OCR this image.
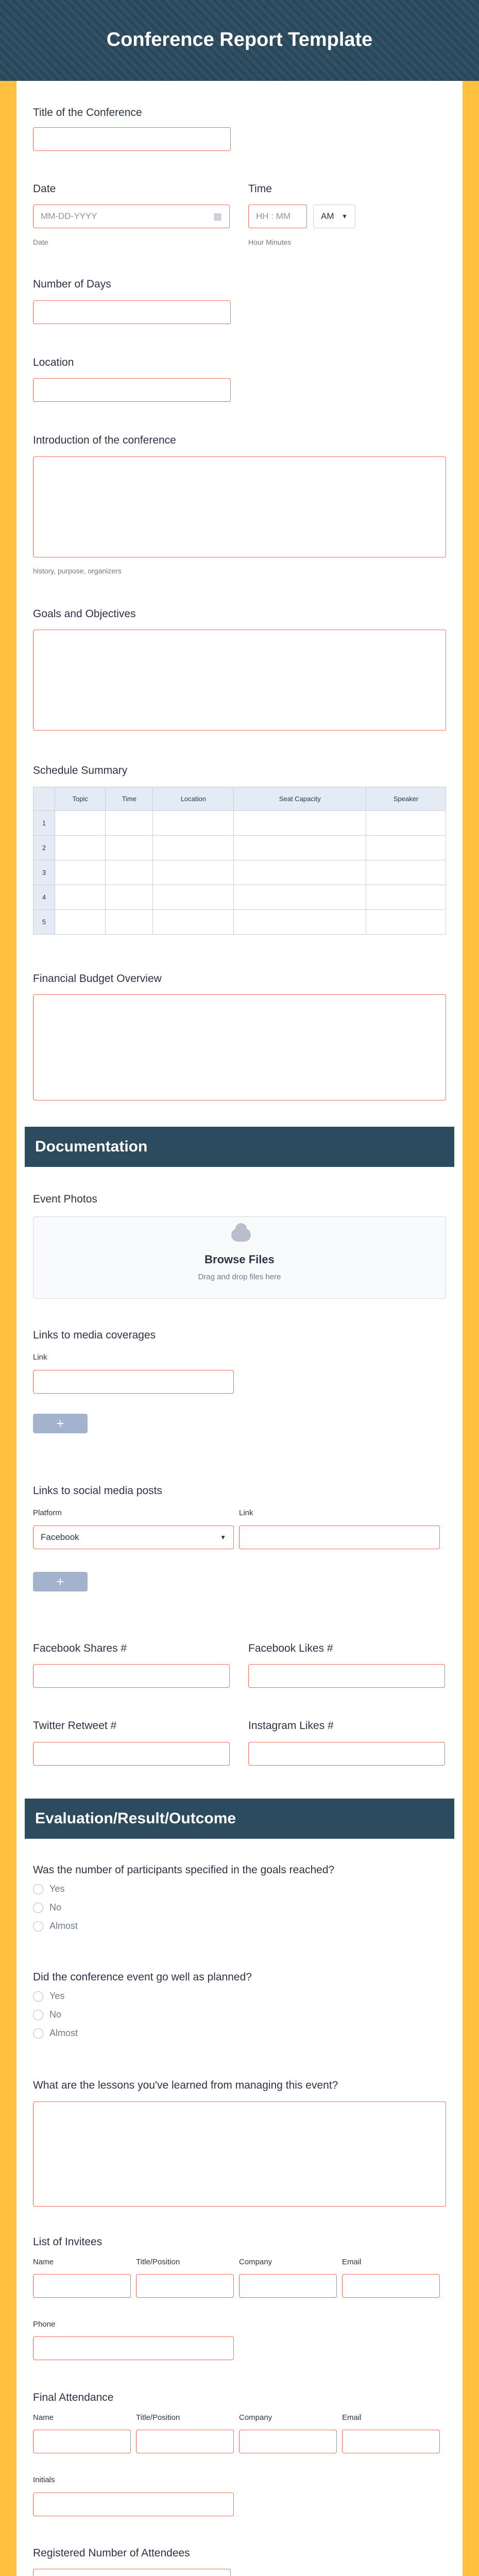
Conference Report Template
Title of the Conference
Date
MM-DD-YYYY	▦
Date
Time
HH : MM	AM ▼
Hour Minutes
Number of Days
Location
Introduction of the conference
history, purpose, organizers
Goals and Objectives
Schedule Summary
	Topic	Time	Location	Seat Capacity	Speaker
1					
2					
3					
4					
5					
Financial Budget Overview
Documentation
Event Photos
Browse Files
Drag and drop files here
Links to media coverages
Link
+
Links to social media posts
Platform
Facebook	▼
Link
+
Facebook Shares #	Facebook Likes #
Twitter Retweet #	Instagram Likes #
Evaluation/Result/Outcome
Was the number of participants specified in the goals reached?
Yes
No
Almost
Did the conference event go well as planned?
Yes
No
Almost
What are the lessons you've learned from managing this event?
List of Invitees
Name	Title/Position	Company	Email
Phone
Final Attendance
Name	Title/Position	Company	Email
Initials
Registered Number of Attendees
